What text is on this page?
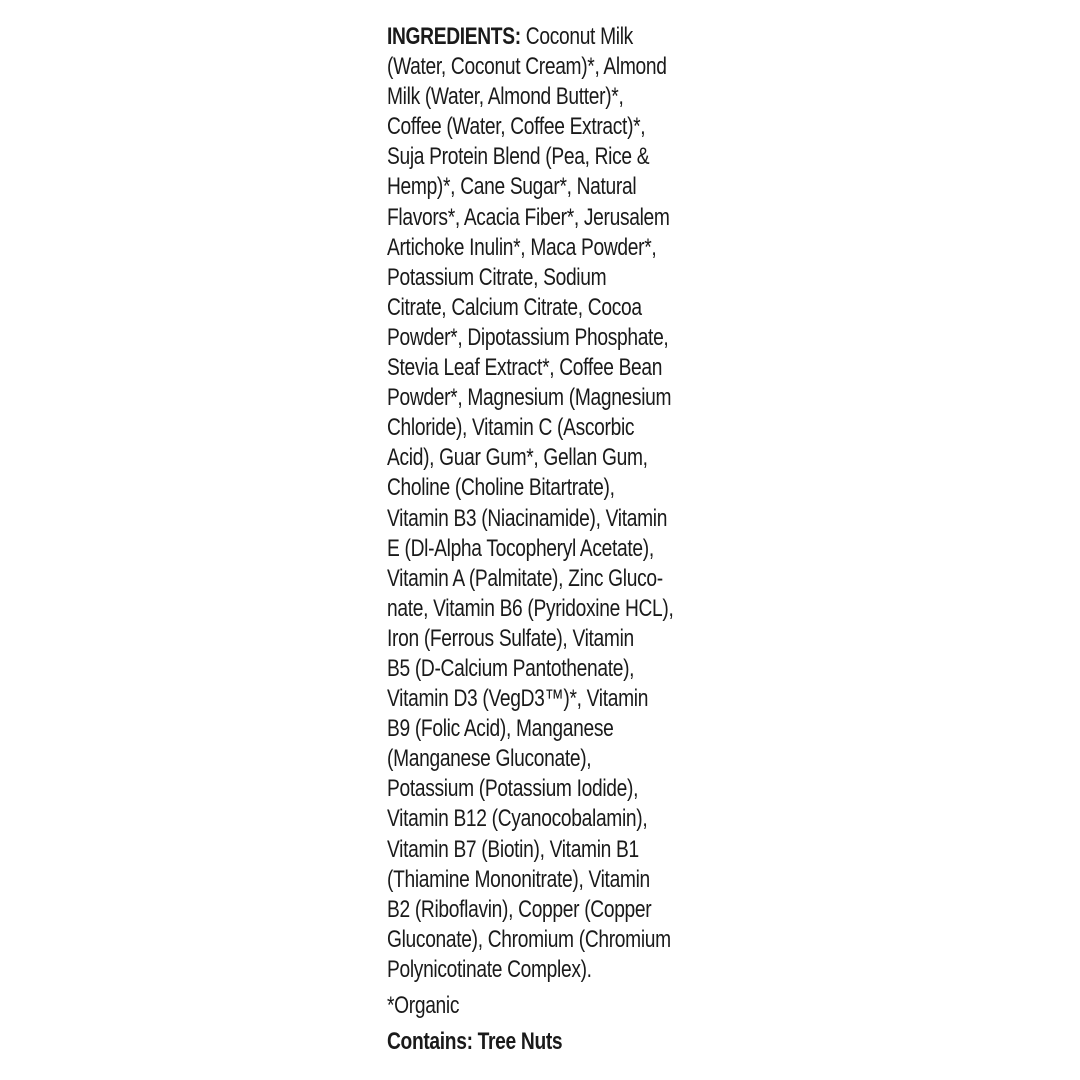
INGREDIENTS: Coconut Milk
(Water, Coconut Cream)*, Almond
Milk (Water, Almond Butter)*,
Coffee (Water, Coffee Extract)*,
Suja Protein Blend (Pea, Rice &
Hemp)*, Cane Sugar*, Natural
Flavors*, Acacia Fiber*, Jerusalem
Artichoke Inulin*, Maca Powder*,
Potassium Citrate, Sodium
Citrate, Calcium Citrate, Cocoa
Powder*, Dipotassium Phosphate,
Stevia Leaf Extract*, Coffee Bean
Powder*, Magnesium (Magnesium
Chloride), Vitamin C (Ascorbic
Acid), Guar Gum*, Gellan Gum,
Choline (Choline Bitartrate),
Vitamin B3 (Niacinamide), Vitamin
E (Dl-Alpha Tocopheryl Acetate),
Vitamin A (Palmitate), Zinc Gluco-
nate, Vitamin B6 (Pyridoxine HCL),
Iron (Ferrous Sulfate), Vitamin
B5 (D-Calcium Pantothenate),
Vitamin D3 (VegD3™)*, Vitamin
B9 (Folic Acid), Manganese
(Manganese Gluconate),
Potassium (Potassium Iodide),
Vitamin B12 (Cyanocobalamin),
Vitamin B7 (Biotin), Vitamin B1
(Thiamine Mononitrate), Vitamin
B2 (Riboflavin), Copper (Copper
Gluconate), Chromium (Chromium
Polynicotinate Complex).
*Organic
Contains: Tree Nuts
